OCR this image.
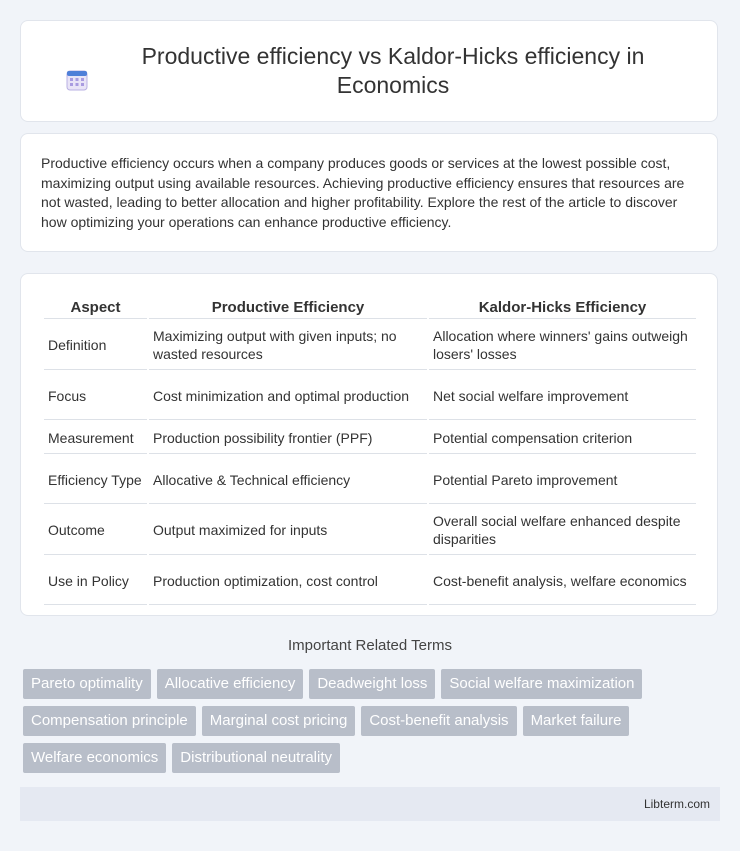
Productive efficiency vs Kaldor-Hicks efficiency in Economics

Productive efficiency occurs when a company produces goods or services at the lowest possible cost, maximizing output using available resources. Achieving productive efficiency ensures that resources are not wasted, leading to better allocation and higher profitability. Explore the rest of the article to discover how optimizing your operations can enhance productive efficiency.

Aspect	Productive Efficiency	Kaldor-Hicks Efficiency
Definition	Maximizing output with given inputs; no wasted resources	Allocation where winners' gains outweigh losers' losses
Focus	Cost minimization and optimal production	Net social welfare improvement
Measurement	Production possibility frontier (PPF)	Potential compensation criterion
Efficiency Type	Allocative & Technical efficiency	Potential Pareto improvement
Outcome	Output maximized for inputs	Overall social welfare enhanced despite disparities
Use in Policy	Production optimization, cost control	Cost-benefit analysis, welfare economics
Important Related Terms
Pareto optimality	Allocative efficiency	Deadweight loss	Social welfare maximization
Compensation principle	Marginal cost pricing	Cost-benefit analysis	Market failure
Welfare economics	Distributional neutrality
Libterm.com
